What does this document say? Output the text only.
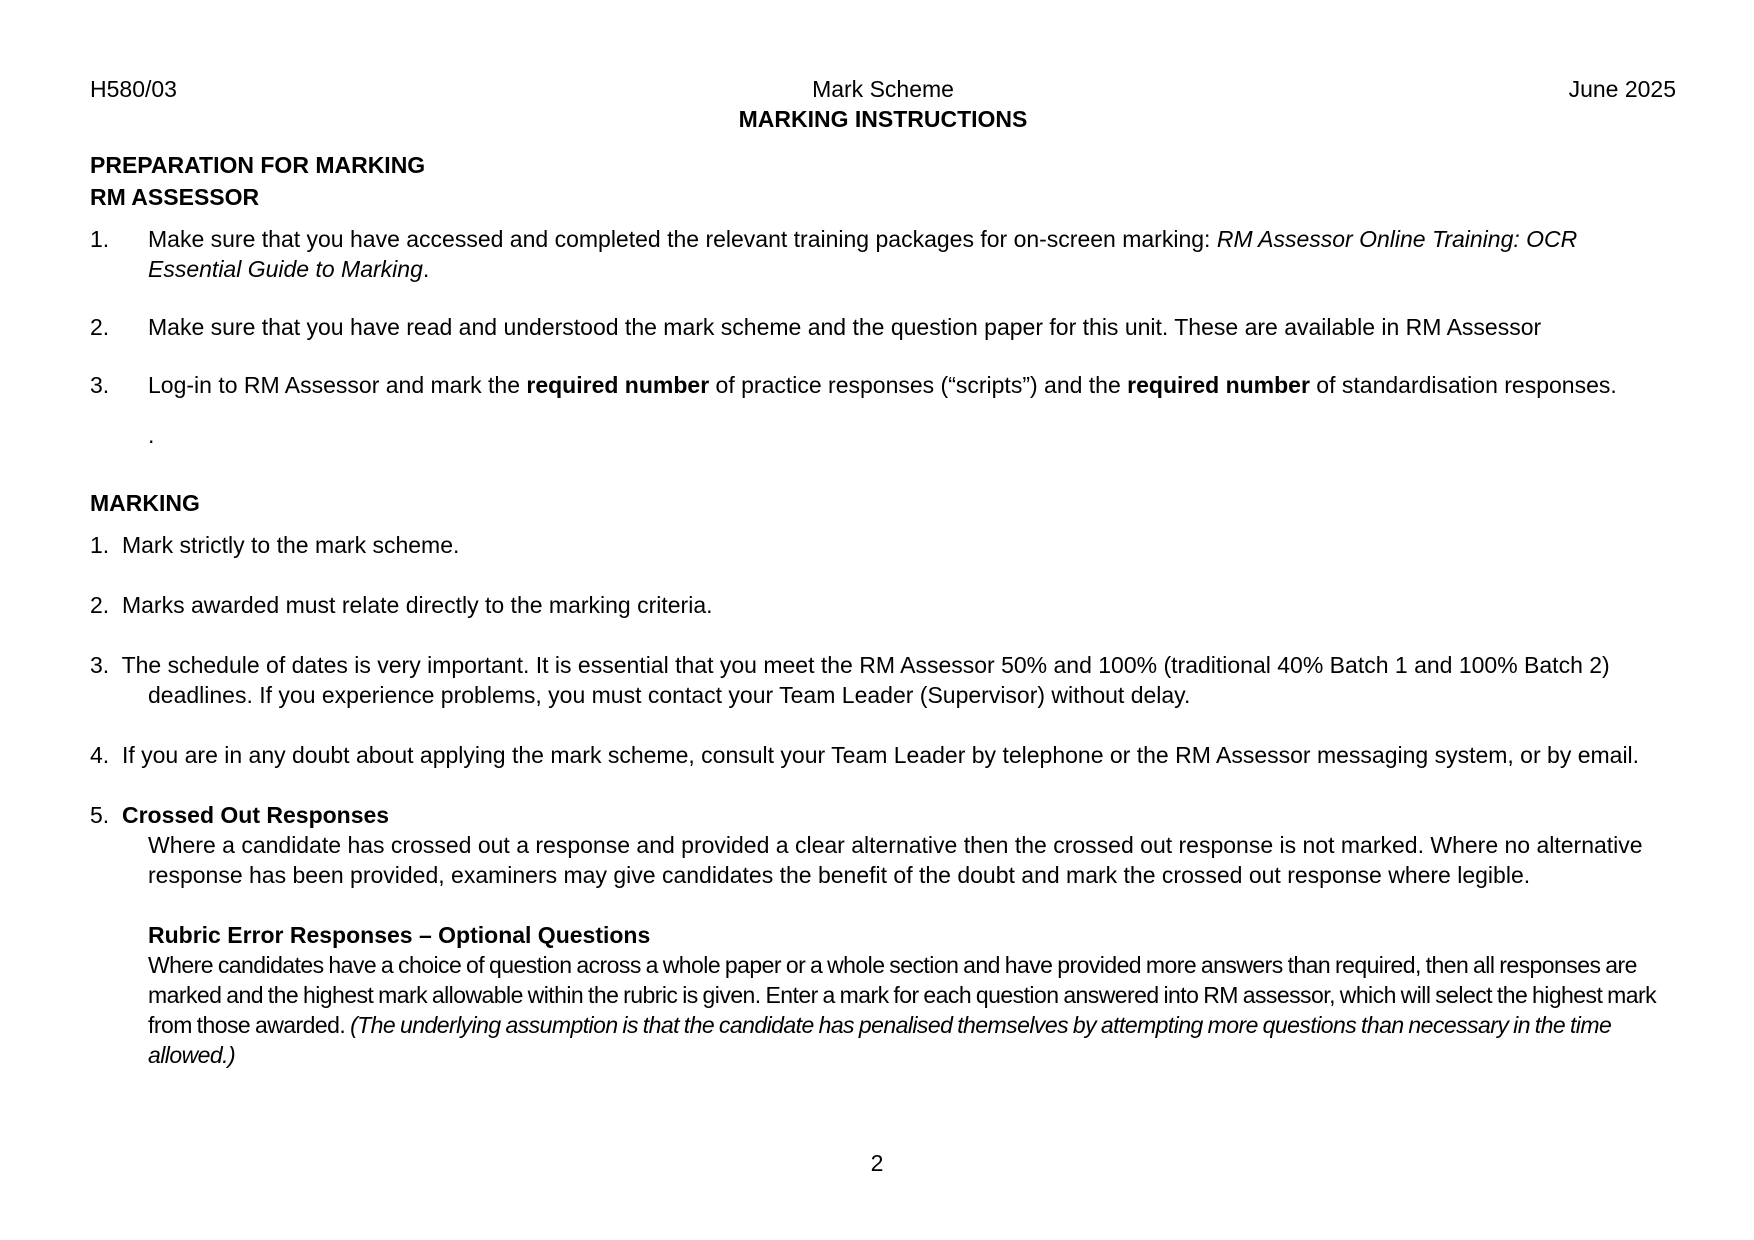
H580/03	Mark Scheme	June 2025
MARKING INSTRUCTIONS
PREPARATION FOR MARKING
RM ASSESSOR
1. Make sure that you have accessed and completed the relevant training packages for on-screen marking: RM Assessor Online Training: OCR Essential Guide to Marking.
2. Make sure that you have read and understood the mark scheme and the question paper for this unit. These are available in RM Assessor
3. Log-in to RM Assessor and mark the required number of practice responses (“scripts”) and the required number of standardisation responses.
.
MARKING
1. Mark strictly to the mark scheme.
2. Marks awarded must relate directly to the marking criteria.
3. The schedule of dates is very important. It is essential that you meet the RM Assessor 50% and 100% (traditional 40% Batch 1 and 100% Batch 2)
deadlines. If you experience problems, you must contact your Team Leader (Supervisor) without delay.
4. If you are in any doubt about applying the mark scheme, consult your Team Leader by telephone or the RM Assessor messaging system, or by email.
5. Crossed Out Responses
Where a candidate has crossed out a response and provided a clear alternative then the crossed out response is not marked. Where no alternative response has been provided, examiners may give candidates the benefit of the doubt and mark the crossed out response where legible.
Rubric Error Responses – Optional Questions
Where candidates have a choice of question across a whole paper or a whole section and have provided more answers than required, then all responses are marked and the highest mark allowable within the rubric is given. Enter a mark for each question answered into RM assessor, which will select the highest mark from those awarded. (The underlying assumption is that the candidate has penalised themselves by attempting more questions than necessary in the time allowed.)
2
